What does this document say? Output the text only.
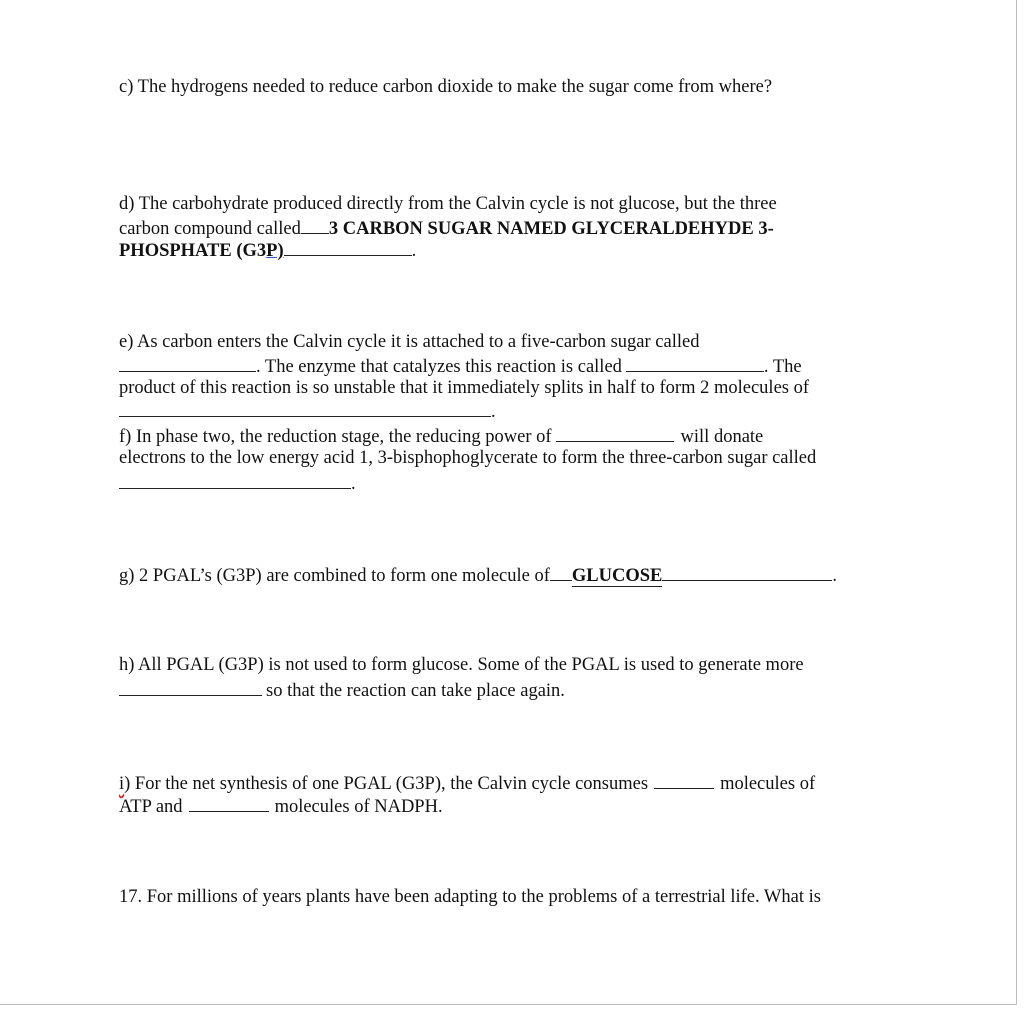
c) The hydrogens needed to reduce carbon dioxide to make the sugar come from where?
d) The carbohydrate produced directly from the Calvin cycle is not glucose, but the three
carbon compound called 3 CARBON SUGAR NAMED GLYCERALDEHYDE 3-
PHOSPHATE (G3P)	.
e) As carbon enters the Calvin cycle it is attached to a five-carbon sugar called
. The enzyme that catalyzes this reaction is called	. The
product of this reaction is so unstable that it immediately splits in half to form 2 molecules of
.
f) In phase two, the reduction stage, the reducing power of	will donate
electrons to the low energy acid 1, 3-bisphophoglycerate to form the three-carbon sugar called
.
g) 2 PGAL’s (G3P) are combined to form one molecule of GLUCOSE	.
h) All PGAL (G3P) is not used to form glucose. Some of the PGAL is used to generate more
so that the reaction can take place again.
i) For the net synthesis of one PGAL (G3P), the Calvin cycle consumes	molecules of
ATP and	molecules of NADPH.
17. For millions of years plants have been adapting to the problems of a terrestrial life. What is
